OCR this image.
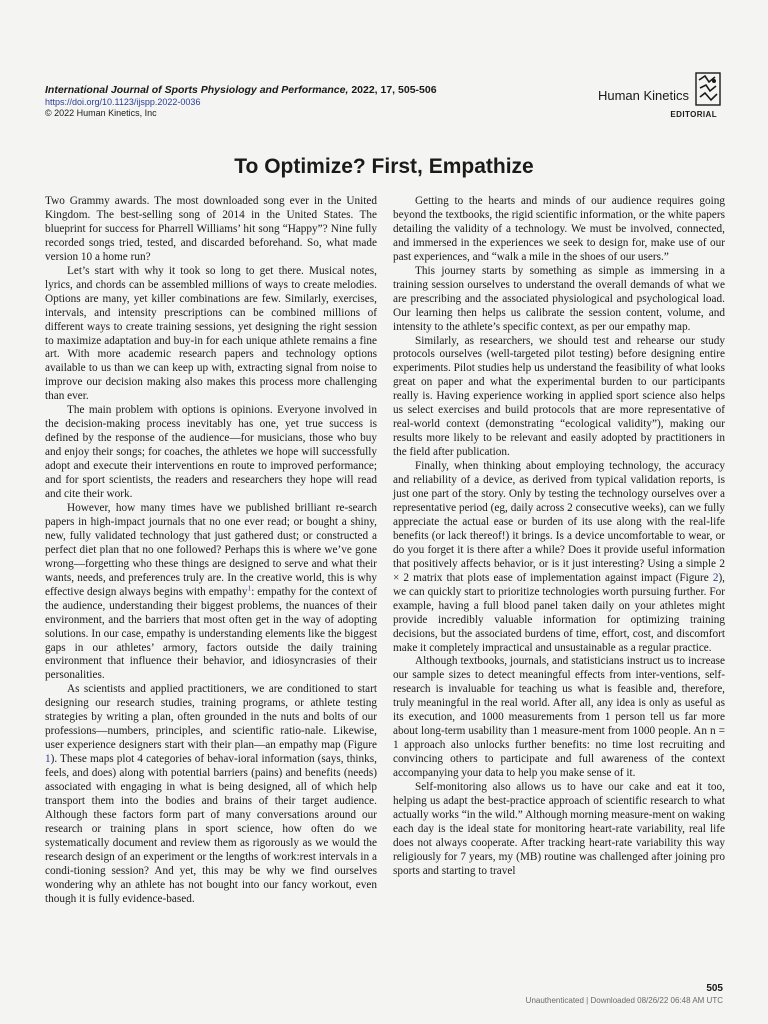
International Journal of Sports Physiology and Performance, 2022, 17, 505-506
https://doi.org/10.1123/ijspp.2022-0036
© 2022 Human Kinetics, Inc
Human Kinetics
EDITORIAL
To Optimize? First, Empathize

Two Grammy awards. The most downloaded song ever in the United Kingdom. The best-selling song of 2014 in the United States. The blueprint for success for Pharrell Williams’ hit song “Happy”? Nine fully recorded songs tried, tested, and discarded beforehand. So, what made version 10 a home run?

Let’s start with why it took so long to get there. Musical notes, lyrics, and chords can be assembled millions of ways to create melodies. Options are many, yet killer combinations are few. Similarly, exercises, intervals, and intensity prescriptions can be combined millions of different ways to create training sessions, yet designing the right session to maximize adaptation and buy-in for each unique athlete remains a fine art. With more academic research papers and technology options available to us than we can keep up with, extracting signal from noise to improve our decision making also makes this process more challenging than ever.

The main problem with options is opinions. Everyone involved in the decision-making process inevitably has one, yet true success is defined by the response of the audience—for musicians, those who buy and enjoy their songs; for coaches, the athletes we hope will successfully adopt and execute their interventions en route to improved performance; and for sport scientists, the readers and researchers they hope will read and cite their work.

However, how many times have we published brilliant re-search papers in high-impact journals that no one ever read; or bought a shiny, new, fully validated technology that just gathered dust; or constructed a perfect diet plan that no one followed? Perhaps this is where we’ve gone wrong—forgetting who these things are designed to serve and what their wants, needs, and preferences truly are. In the creative world, this is why effective design always begins with empathy$^1$: empathy for the context of the audience, understanding their biggest problems, the nuances of their environment, and the barriers that most often get in the way of adopting solutions. In our case, empathy is understanding elements like the biggest gaps in our athletes’ armory, factors outside the daily training environment that influence their behavior, and idiosyncrasies of their personalities.

As scientists and applied practitioners, we are conditioned to start designing our research studies, training programs, or athlete testing strategies by writing a plan, often grounded in the nuts and bolts of our professions—numbers, principles, and scientific ratio-nale. Likewise, user experience designers start with their plan—an empathy map (Figure 1). These maps plot 4 categories of behav-ioral information (says, thinks, feels, and does) along with potential barriers (pains) and benefits (needs) associated with engaging in what is being designed, all of which help transport them into the bodies and brains of their target audience. Although these factors form part of many conversations around our research or training plans in sport science, how often do we systematically document and review them as rigorously as we would the research design of an experiment or the lengths of work:rest intervals in a condi-tioning session? And yet, this may be why we find ourselves wondering why an athlete has not bought into our fancy workout, even though it is fully evidence-based.

Getting to the hearts and minds of our audience requires going beyond the textbooks, the rigid scientific information, or the white papers detailing the validity of a technology. We must be involved, connected, and immersed in the experiences we seek to design for, make use of our past experiences, and “walk a mile in the shoes of our users.”

This journey starts by something as simple as immersing in a training session ourselves to understand the overall demands of what we are prescribing and the associated physiological and psychological load. Our learning then helps us calibrate the session content, volume, and intensity to the athlete’s specific context, as per our empathy map.

Similarly, as researchers, we should test and rehearse our study protocols ourselves (well-targeted pilot testing) before designing entire experiments. Pilot studies help us understand the feasibility of what looks great on paper and what the experimental burden to our participants really is. Having experience working in applied sport science also helps us select exercises and build protocols that are more representative of real-world context (demonstrating “ecological validity”), making our results more likely to be relevant and easily adopted by practitioners in the field after publication.

Finally, when thinking about employing technology, the accuracy and reliability of a device, as derived from typical validation reports, is just one part of the story. Only by testing the technology ourselves over a representative period (eg, daily across 2 consecutive weeks), can we fully appreciate the actual ease or burden of its use along with the real-life benefits (or lack thereof!) it brings. Is a device uncomfortable to wear, or do you forget it is there after a while? Does it provide useful information that positively affects behavior, or is it just interesting? Using a simple 2 × 2 matrix that plots ease of implementation against impact (Figure 2), we can quickly start to prioritize technologies worth pursuing further. For example, having a full blood panel taken daily on your athletes might provide incredibly valuable information for optimizing training decisions, but the associated burdens of time, effort, cost, and discomfort make it completely impractical and unsustainable as a regular practice.

Although textbooks, journals, and statisticians instruct us to increase our sample sizes to detect meaningful effects from inter-ventions, self-research is invaluable for teaching us what is feasible and, therefore, truly meaningful in the real world. After all, any idea is only as useful as its execution, and 1000 measurements from 1 person tell us far more about long-term usability than 1 measure-ment from 1000 people. An n = 1 approach also unlocks further benefits: no time lost recruiting and convincing others to participate and full awareness of the context accompanying your data to help you make sense of it.

Self-monitoring also allows us to have our cake and eat it too, helping us adapt the best-practice approach of scientific research to what actually works “in the wild.” Although morning measure-ment on waking each day is the ideal state for monitoring heart-rate variability, real life does not always cooperate. After tracking heart-rate variability this way religiously for 7 years, my (MB) routine was challenged after joining pro sports and starting to travel

505
Unauthenticated | Downloaded 08/26/22 06:48 AM UTC
